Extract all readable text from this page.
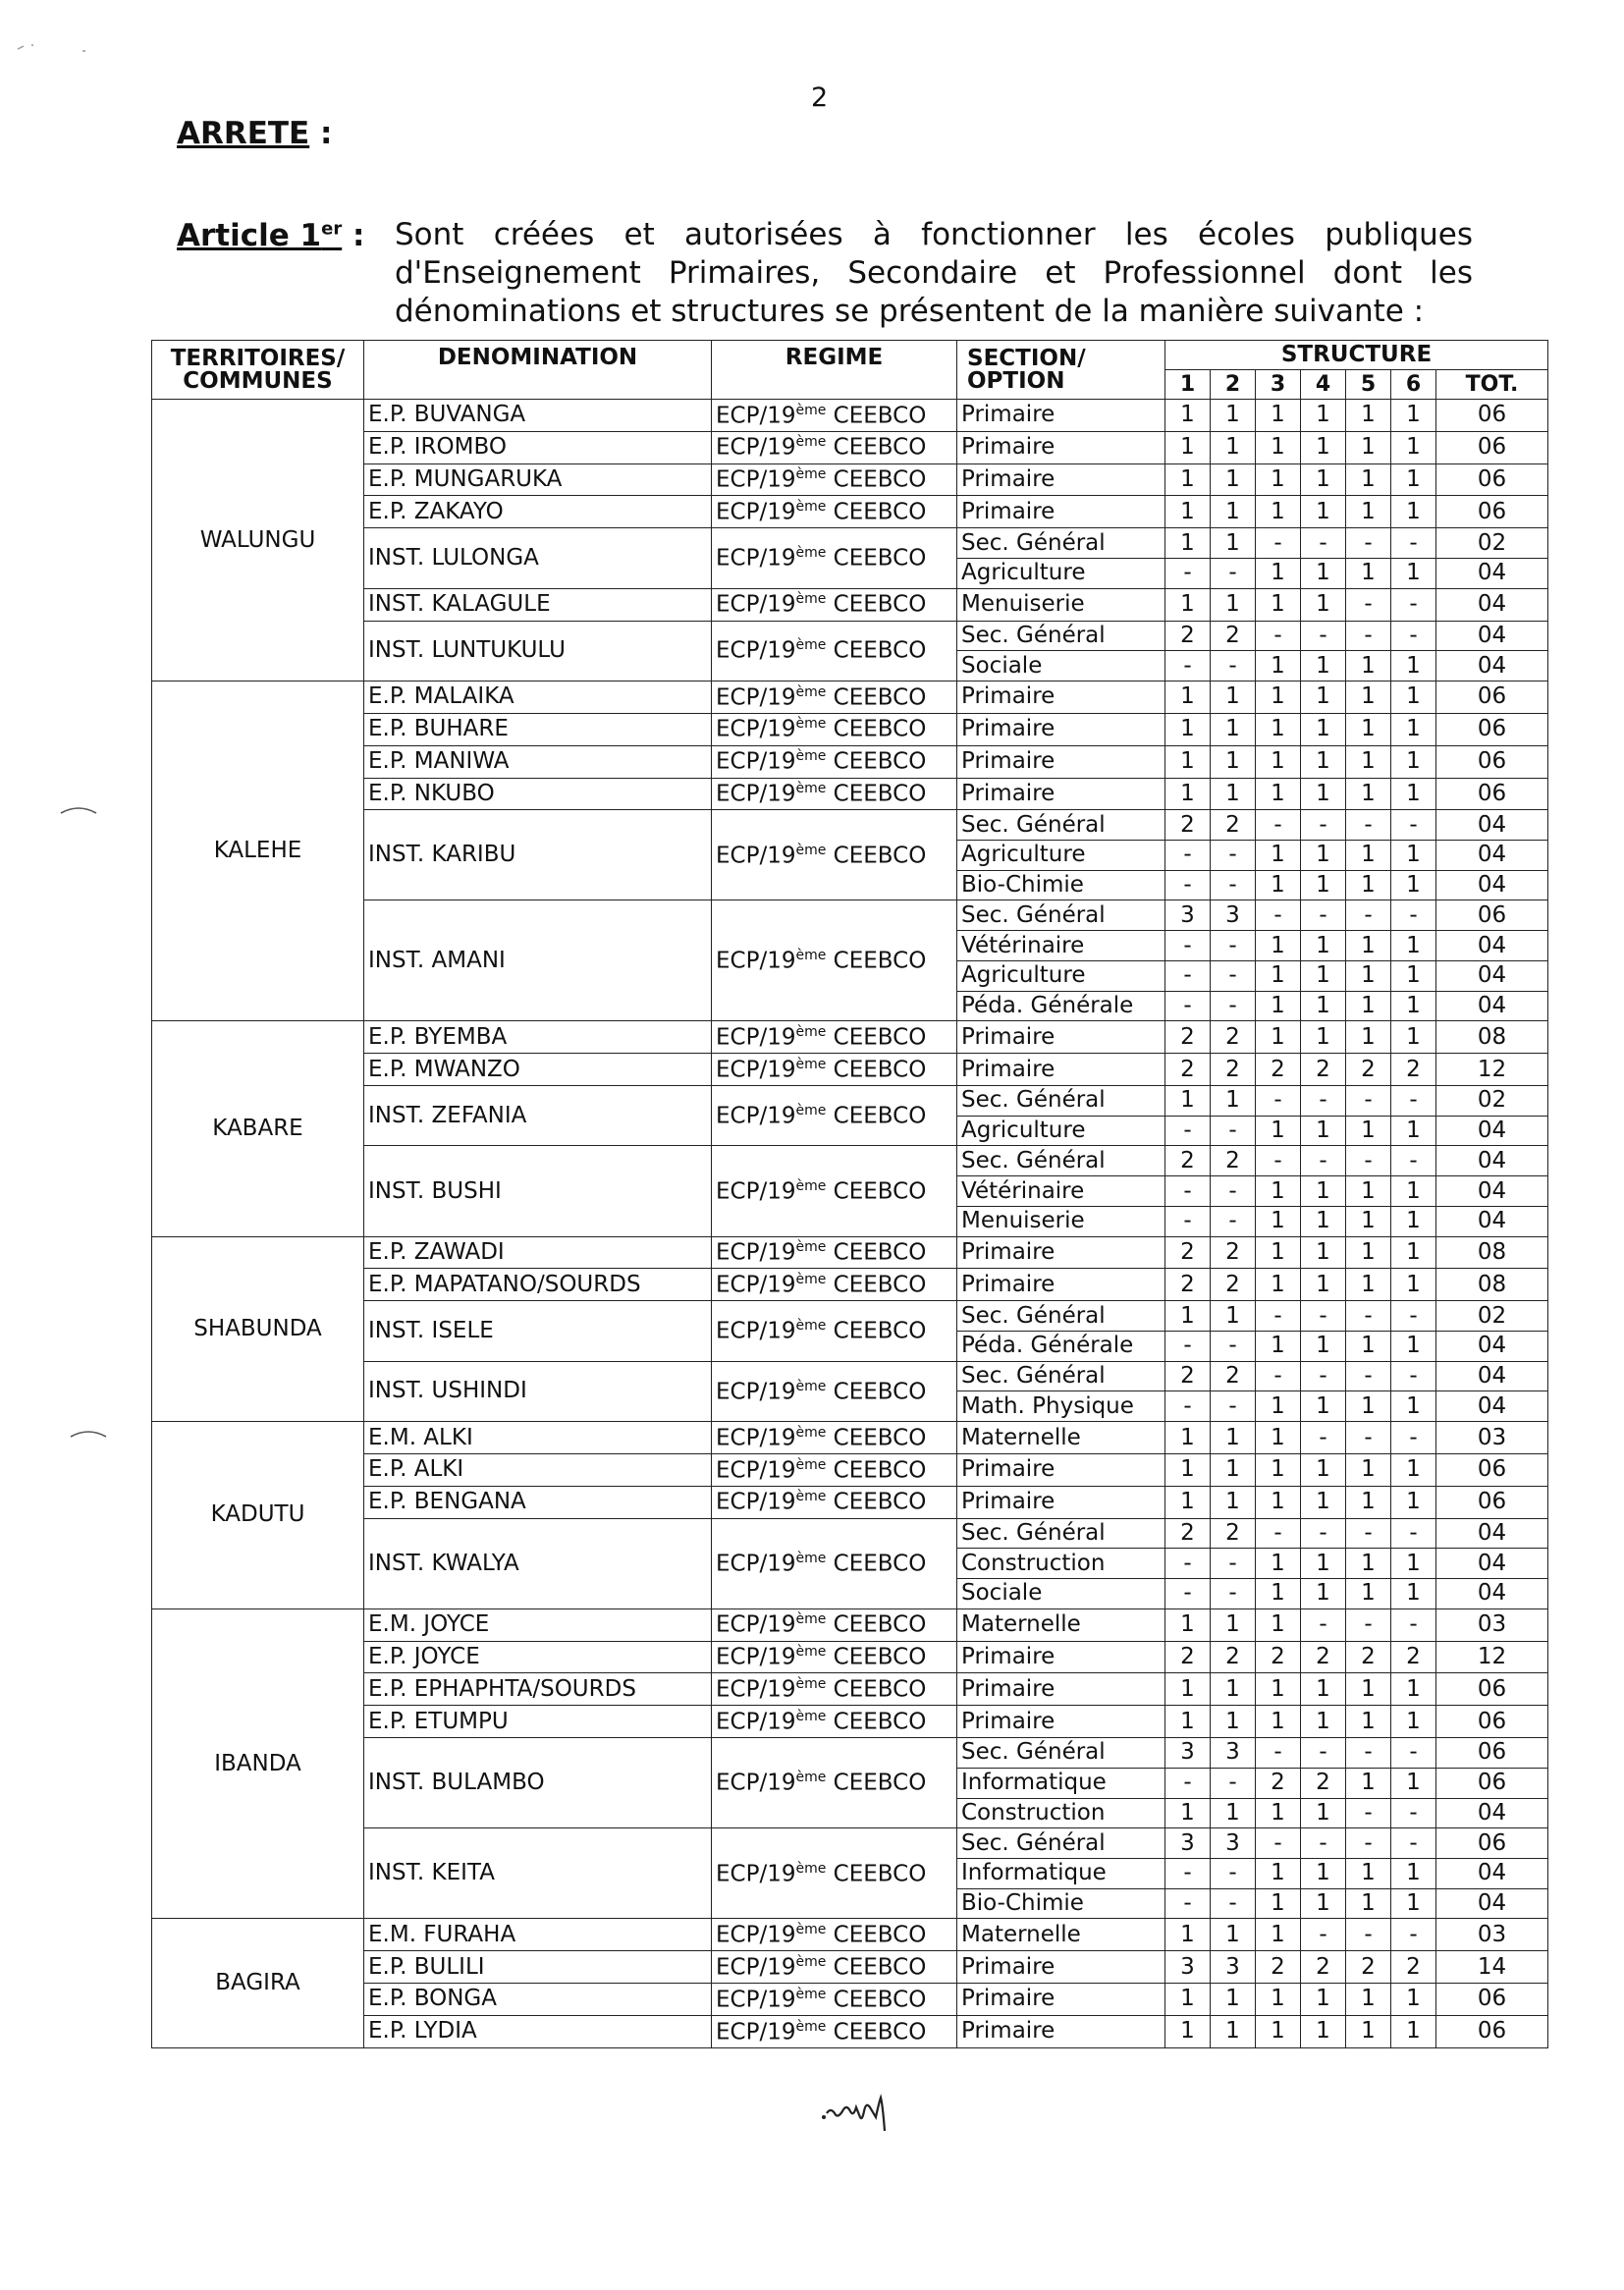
2
ARRETE :
Article 1er : Sont créées et autorisées à fonctionner les écoles publiques d'Enseignement Primaires, Secondaire et Professionnel dont les dénominations et structures se présentent de la manière suivante :
TERRITOIRES/
COMMUNES	DENOMINATION	REGIME	SECTION/
OPTION	STRUCTURE						
				1	2	3	4	5	6	TOT.
WALUNGU	E.P. BUVANGA	ECP/19ème CEEBCO	Primaire	1	1	1	1	1	1	06
	E.P. IROMBO	ECP/19ème CEEBCO	Primaire	1	1	1	1	1	1	06
	E.P. MUNGARUKA	ECP/19ème CEEBCO	Primaire	1	1	1	1	1	1	06
	E.P. ZAKAYO	ECP/19ème CEEBCO	Primaire	1	1	1	1	1	1	06
	INST. LULONGA	ECP/19ème CEEBCO	Sec. Général	1	1	-	-	-	-	02
			Agriculture	-	-	1	1	1	1	04
	INST. KALAGULE	ECP/19ème CEEBCO	Menuiserie	1	1	1	1	-	-	04
	INST. LUNTUKULU	ECP/19ème CEEBCO	Sec. Général	2	2	-	-	-	-	04
			Sociale	-	-	1	1	1	1	04
KALEHE	E.P. MALAIKA	ECP/19ème CEEBCO	Primaire	1	1	1	1	1	1	06
	E.P. BUHARE	ECP/19ème CEEBCO	Primaire	1	1	1	1	1	1	06
	E.P. MANIWA	ECP/19ème CEEBCO	Primaire	1	1	1	1	1	1	06
	E.P. NKUBO	ECP/19ème CEEBCO	Primaire	1	1	1	1	1	1	06
	INST. KARIBU	ECP/19ème CEEBCO	Sec. Général	2	2	-	-	-	-	04
			Agriculture	-	-	1	1	1	1	04
			Bio-Chimie	-	-	1	1	1	1	04
	INST. AMANI	ECP/19ème CEEBCO	Sec. Général	3	3	-	-	-	-	06
			Vétérinaire	-	-	1	1	1	1	04
			Agriculture	-	-	1	1	1	1	04
			Péda. Générale	-	-	1	1	1	1	04
KABARE	E.P. BYEMBA	ECP/19ème CEEBCO	Primaire	2	2	1	1	1	1	08
	E.P. MWANZO	ECP/19ème CEEBCO	Primaire	2	2	2	2	2	2	12
	INST. ZEFANIA	ECP/19ème CEEBCO	Sec. Général	1	1	-	-	-	-	02
			Agriculture	-	-	1	1	1	1	04
	INST. BUSHI	ECP/19ème CEEBCO	Sec. Général	2	2	-	-	-	-	04
			Vétérinaire	-	-	1	1	1	1	04
			Menuiserie	-	-	1	1	1	1	04
SHABUNDA	E.P. ZAWADI	ECP/19ème CEEBCO	Primaire	2	2	1	1	1	1	08
	E.P. MAPATANO/SOURDS	ECP/19ème CEEBCO	Primaire	2	2	1	1	1	1	08
	INST. ISELE	ECP/19ème CEEBCO	Sec. Général	1	1	-	-	-	-	02
			Péda. Générale	-	-	1	1	1	1	04
	INST. USHINDI	ECP/19ème CEEBCO	Sec. Général	2	2	-	-	-	-	04
			Math. Physique	-	-	1	1	1	1	04
KADUTU	E.M. ALKI	ECP/19ème CEEBCO	Maternelle	1	1	1	-	-	-	03
	E.P. ALKI	ECP/19ème CEEBCO	Primaire	1	1	1	1	1	1	06
	E.P. BENGANA	ECP/19ème CEEBCO	Primaire	1	1	1	1	1	1	06
	INST. KWALYA	ECP/19ème CEEBCO	Sec. Général	2	2	-	-	-	-	04
			Construction	-	-	1	1	1	1	04
			Sociale	-	-	1	1	1	1	04
IBANDA	E.M. JOYCE	ECP/19ème CEEBCO	Maternelle	1	1	1	-	-	-	03
	E.P. JOYCE	ECP/19ème CEEBCO	Primaire	2	2	2	2	2	2	12
	E.P. EPHAPHTA/SOURDS	ECP/19ème CEEBCO	Primaire	1	1	1	1	1	1	06
	E.P. ETUMPU	ECP/19ème CEEBCO	Primaire	1	1	1	1	1	1	06
	INST. BULAMBO	ECP/19ème CEEBCO	Sec. Général	3	3	-	-	-	-	06
			Informatique	-	-	2	2	1	1	06
			Construction	1	1	1	1	-	-	04
	INST. KEITA	ECP/19ème CEEBCO	Sec. Général	3	3	-	-	-	-	06
			Informatique	-	-	1	1	1	1	04
			Bio-Chimie	-	-	1	1	1	1	04
BAGIRA	E.M. FURAHA	ECP/19ème CEEBCO	Maternelle	1	1	1	-	-	-	03
	E.P. BULILI	ECP/19ème CEEBCO	Primaire	3	3	2	2	2	2	14
	E.P. BONGA	ECP/19ème CEEBCO	Primaire	1	1	1	1	1	1	06
	E.P. LYDIA	ECP/19ème CEEBCO	Primaire	1	1	1	1	1	1	06
